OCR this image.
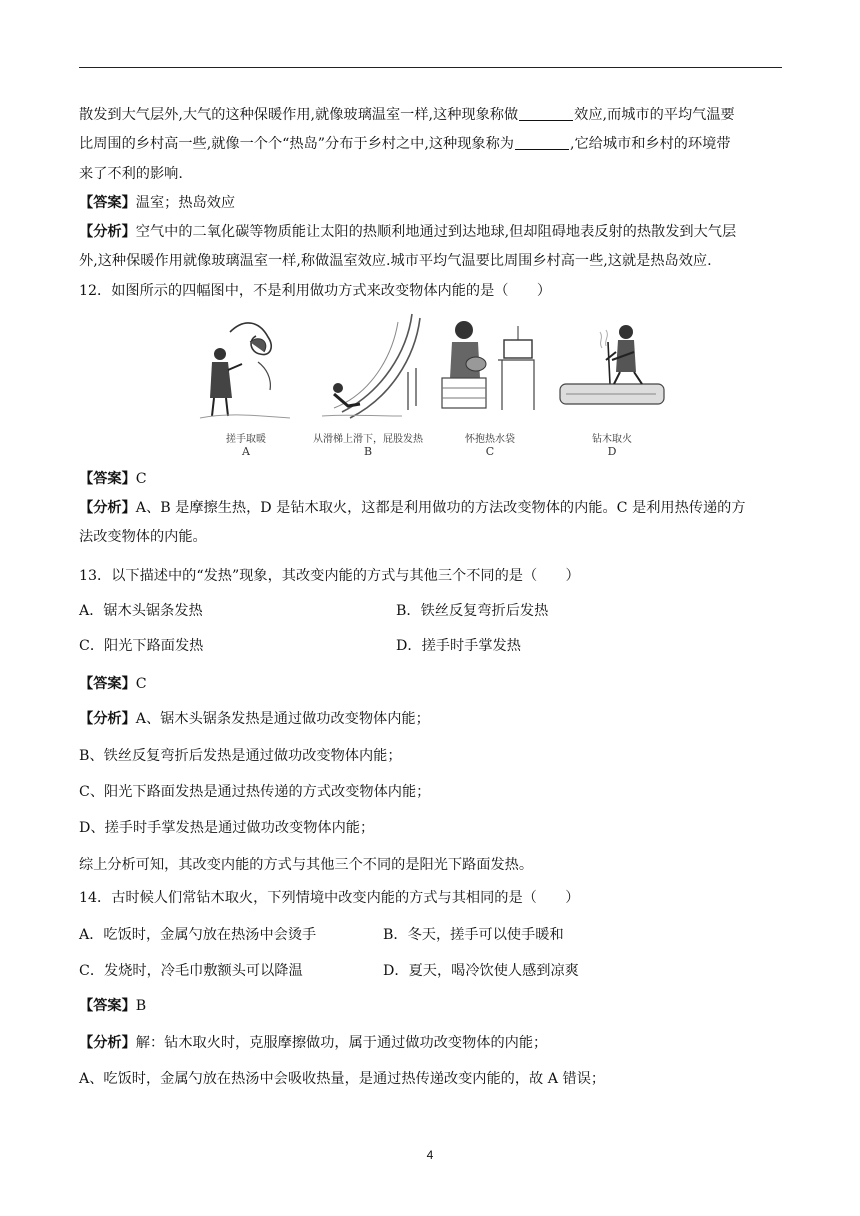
散发到大气层外,大气的这种保暖作用,就像玻璃温室一样,这种现象称做	效应,而城市的平均气温要
比周围的乡村高一些,就像一个个“热岛”分布于乡村之中,这种现象称为	,它给城市和乡村的环境带
来了不利的影响.
【答案】温室；热岛效应
【分析】空气中的二氧化碳等物质能让太阳的热顺利地通过到达地球,但却阻碍地表反射的热散发到大气层
外,这种保暖作用就像玻璃温室一样,称做温室效应.城市平均气温要比周围乡村高一些,这就是热岛效应.
12．如图所示的四幅图中，不是利用做功方式来改变物体内能的是（　　）
搓手取暖
A
从滑梯上滑下，屁股发热
B
怀抱热水袋
C
钻木取火
D
【答案】C
【分析】A、B 是摩擦生热，D 是钻木取火，这都是利用做功的方法改变物体的内能。C 是利用热传递的方
法改变物体的内能。
13．以下描述中的“发热”现象，其改变内能的方式与其他三个不同的是（　　）
A．锯木头锯条发热	B．铁丝反复弯折后发热
C．阳光下路面发热	D．搓手时手掌发热
【答案】C
【分析】A、锯木头锯条发热是通过做功改变物体内能；
B、铁丝反复弯折后发热是通过做功改变物体内能；
C、阳光下路面发热是通过热传递的方式改变物体内能；
D、搓手时手掌发热是通过做功改变物体内能；
综上分析可知，其改变内能的方式与其他三个不同的是阳光下路面发热。
14．古时候人们常钻木取火，下列情境中改变内能的方式与其相同的是（　　）
A．吃饭时，金属勺放在热汤中会烫手	B．冬天，搓手可以使手暖和
C．发烧时，冷毛巾敷额头可以降温	D．夏天，喝冷饮使人感到凉爽
【答案】B
【分析】解：钻木取火时，克服摩擦做功，属于通过做功改变物体的内能；
A、吃饭时，金属勺放在热汤中会吸收热量，是通过热传递改变内能的，故 A 错误；
4
